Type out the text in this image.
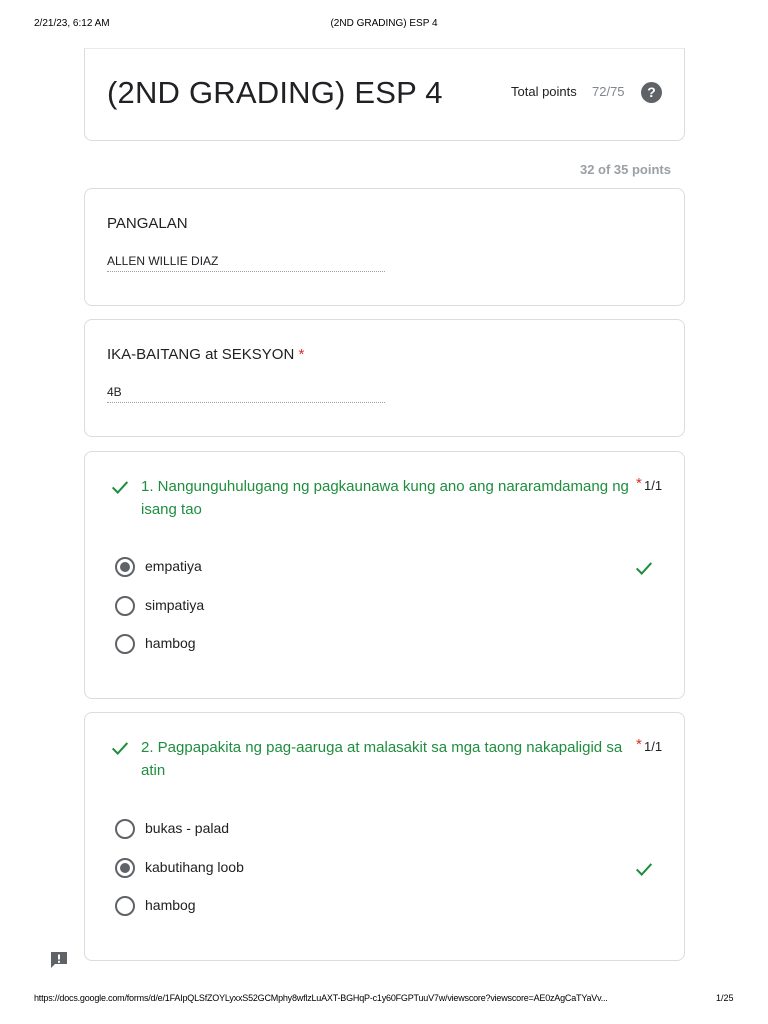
2/21/23, 6:12 AM	(2ND GRADING) ESP 4
(2ND GRADING) ESP 4	Total points 72/75	?
32 of 35 points
PANGALAN
ALLEN WILLIE DIAZ
IKA-BAITANG at SEKSYON *
4B
1. Nangunguhulugang ng pagkaunawa kung ano ang nararamdamang ng isang tao
* 1/1
empatiya
simpatiya
hambog
2. Pagpapakita ng pag-aaruga at malasakit sa mga taong nakapaligid sa atin
* 1/1
bukas - palad
kabutihang loob
hambog
https://docs.google.com/forms/d/e/1FAIpQLSfZOYLyxxS52GCMphy8wflzLuAXT-BGHqP-c1y60FGPTuuV7w/viewscore?viewscore=AE0zAgCaTYaVv...	1/25
